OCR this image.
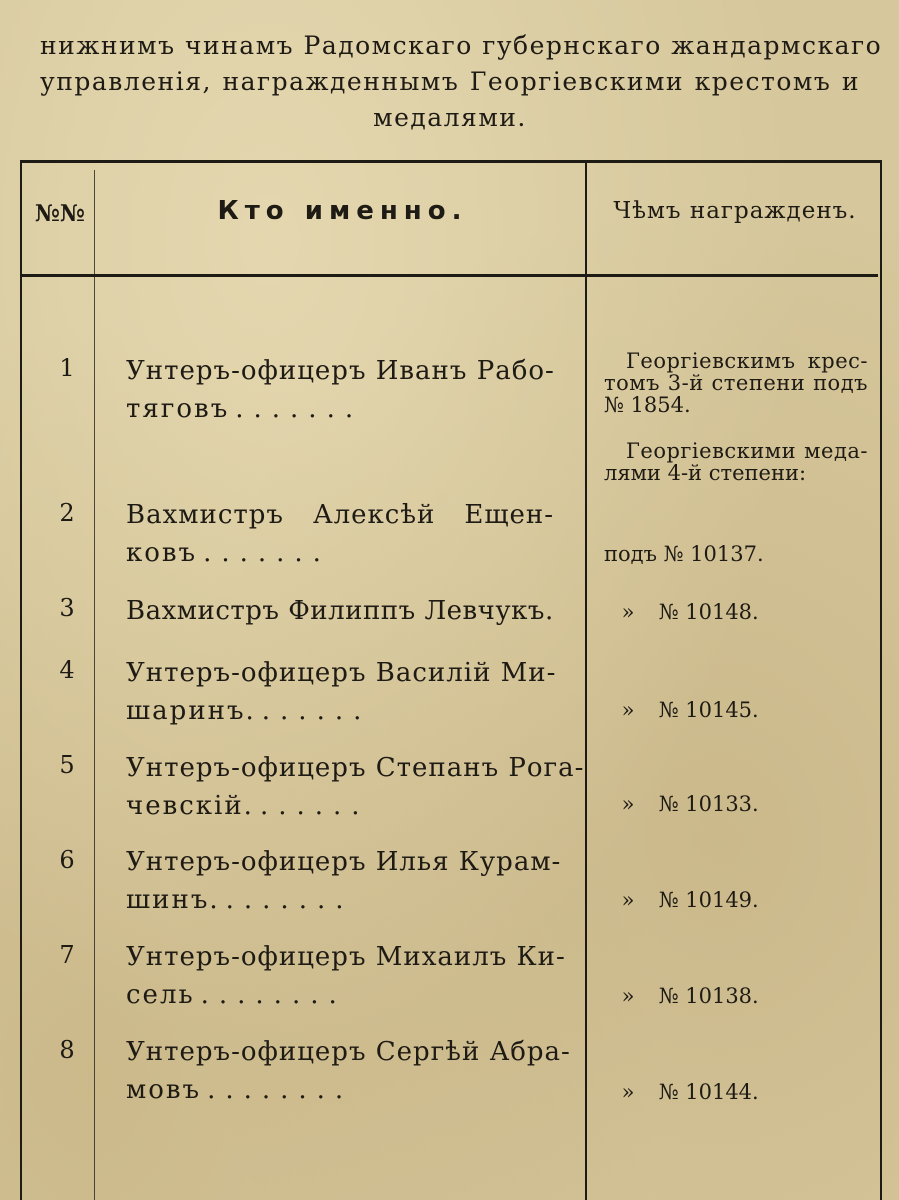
нижнимъ чинамъ Радомскаго губернскаго жандармскаго
управленія, награжденнымъ Георгіевскими крестомъ и
медалями.
№№	Кто именно.	Чѣмъ награжденъ.
1	Унтеръ-офицеръ Иванъ Рабо-
тяговъ .......
Георгіевскимъ крес-
томъ 3-й степени подъ
№ 1854.
Георгіевскими меда-
лями 4-й степени:
2	Вахмистръ Алексѣй Ещен-
ковъ .......	подъ № 10137.
3	Вахмистръ Филиппъ Левчукъ.	» № 10148.
4	Унтеръ-офицеръ Василій Ми-
шаринъ. ......	» № 10145.
5	Унтеръ-офицеръ Степанъ Рога-
чевскій. ......	» № 10133.
6	Унтеръ-офицеръ Илья Курам-
шинъ. .......	» № 10149.
7	Унтеръ-офицеръ Михаилъ Ки-
сель ........	» № 10138.
8	Унтеръ-офицеръ Сергѣй Абра-
мовъ ........	» № 10144.
